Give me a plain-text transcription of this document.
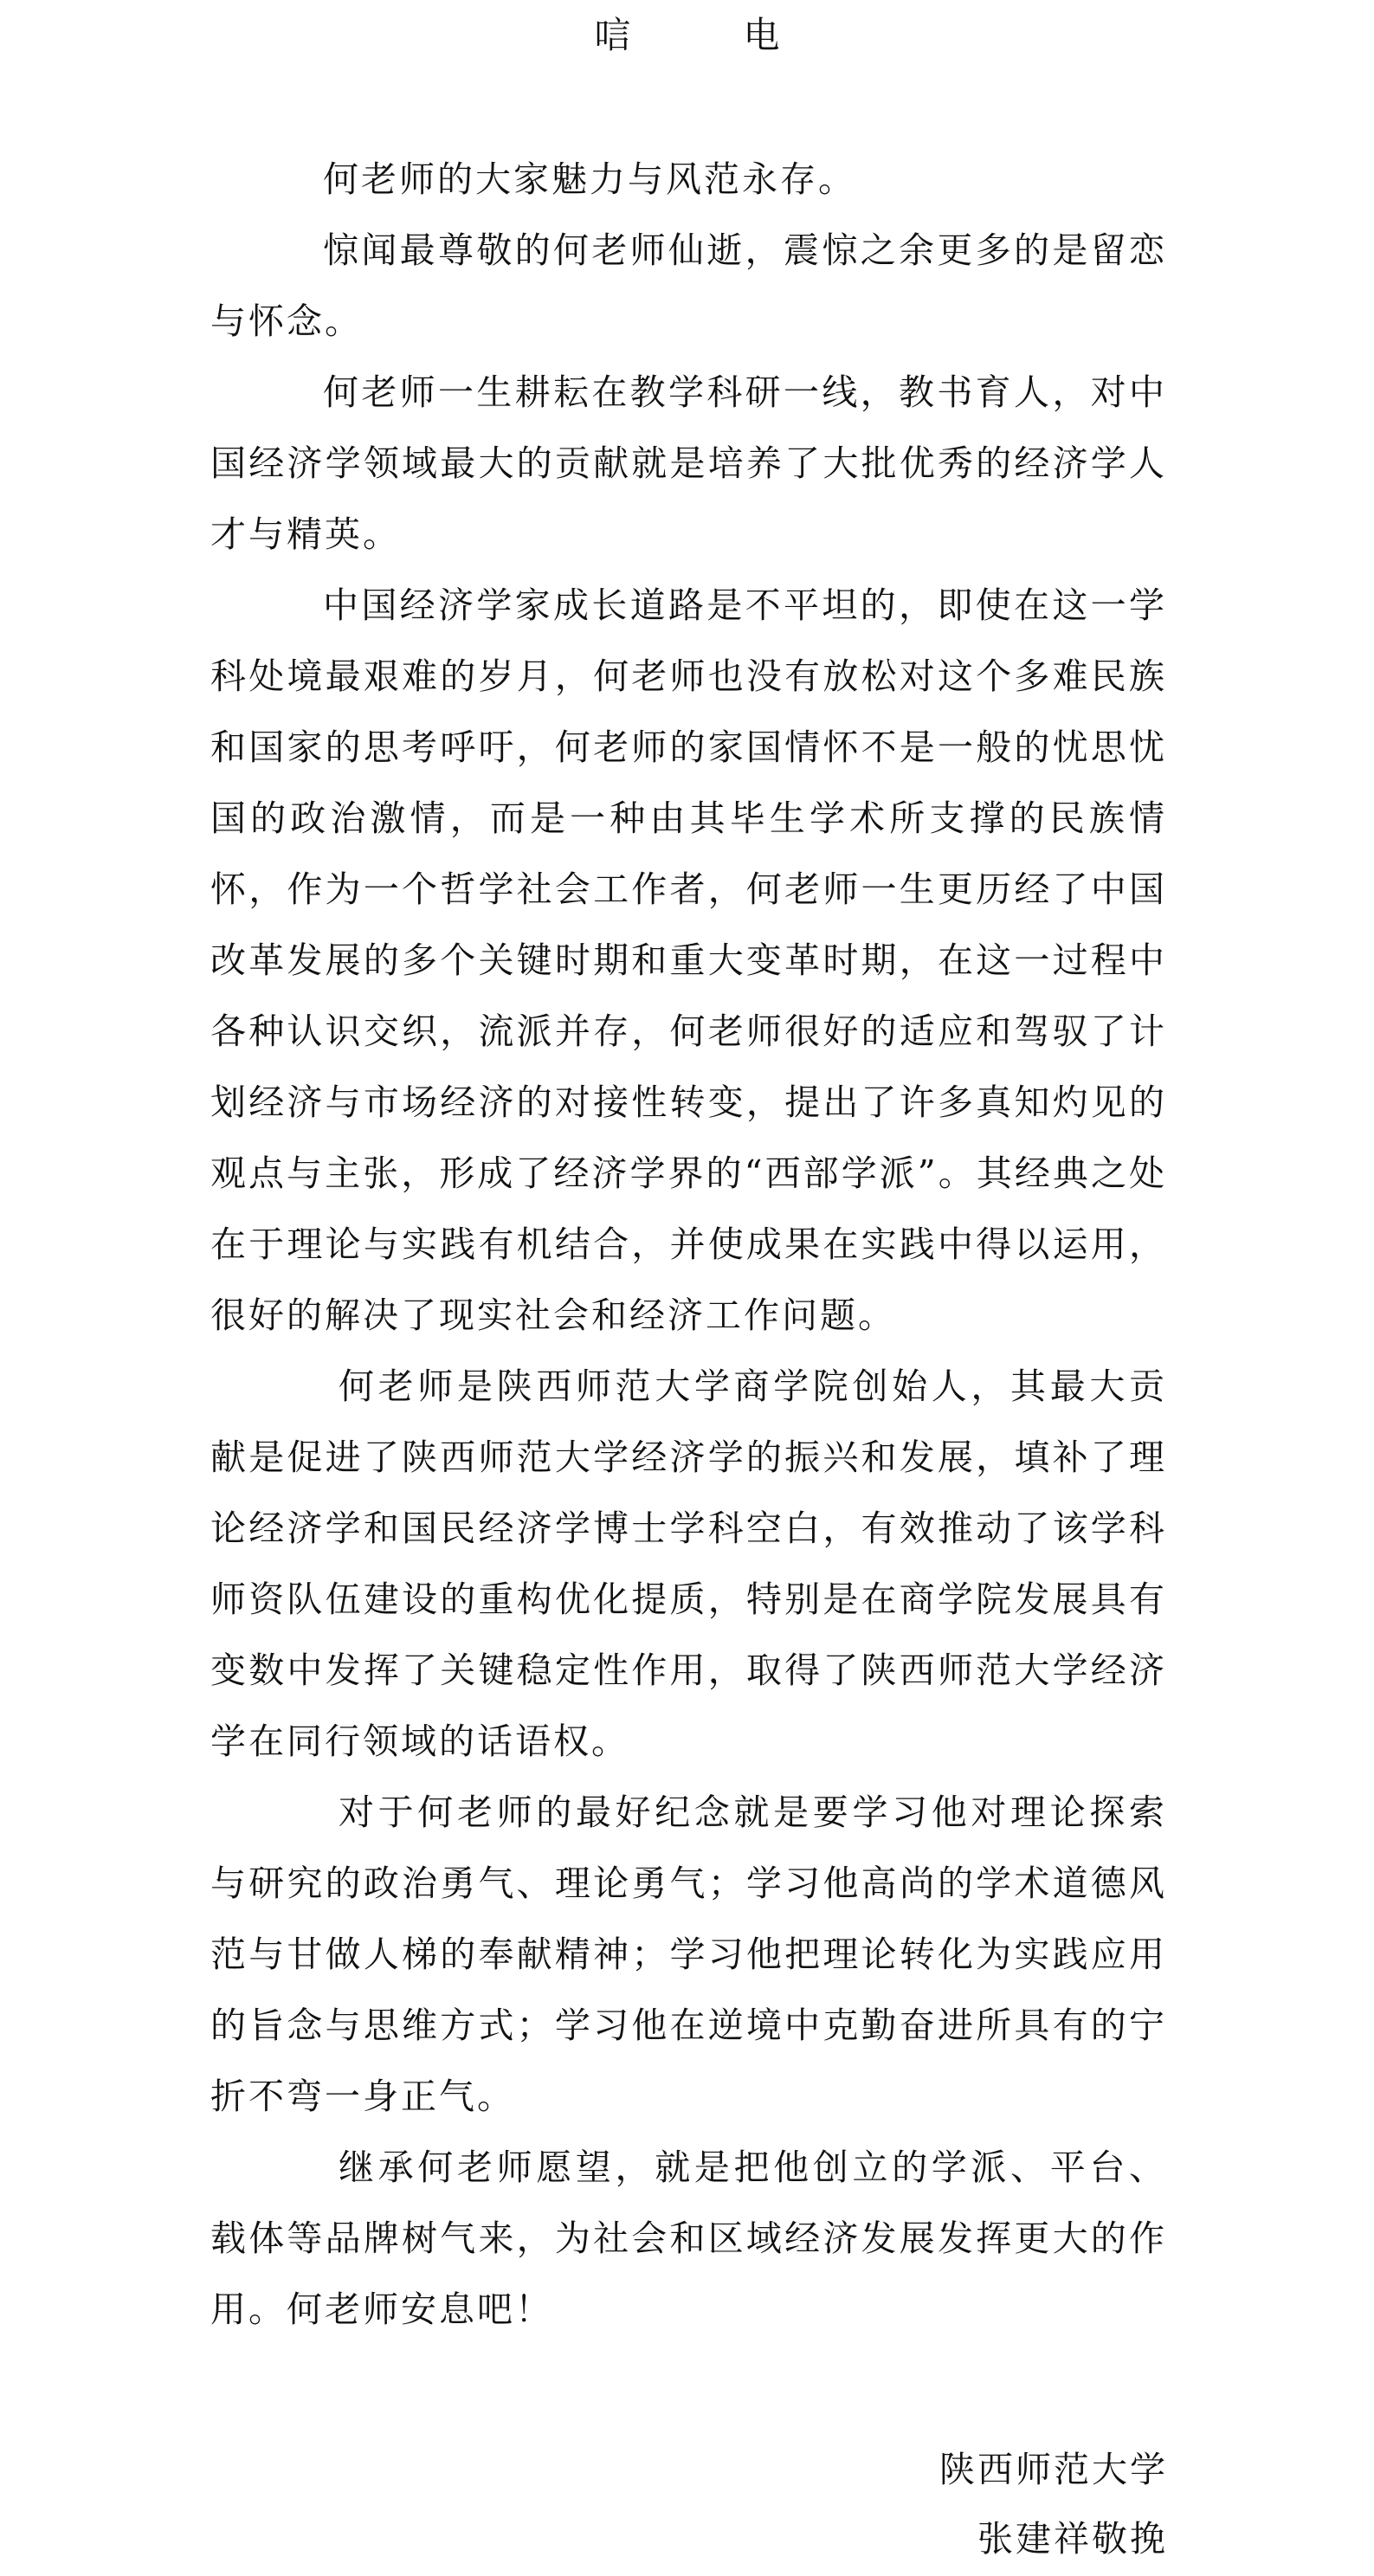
唁　电

何老师的大家魅力与风范永存。

惊闻最尊敬的何老师仙逝，震惊之余更多的是留恋与怀念。

何老师一生耕耘在教学科研一线，教书育人，对中国经济学领域最大的贡献就是培养了大批优秀的经济学人才与精英。

中国经济学家成长道路是不平坦的，即使在这一学科处境最艰难的岁月，何老师也没有放松对这个多难民族和国家的思考呼吁，何老师的家国情怀不是一般的忧思忧国的政治激情，而是一种由其毕生学术所支撑的民族情怀，作为一个哲学社会工作者，何老师一生更历经了中国改革发展的多个关键时期和重大变革时期，在这一过程中各种认识交织，流派并存，何老师很好的适应和驾驭了计划经济与市场经济的对接性转变，提出了许多真知灼见的观点与主张，形成了经济学界的“西部学派”。其经典之处在于理论与实践有机结合，并使成果在实践中得以运用，很好的解决了现实社会和经济工作问题。

何老师是陕西师范大学商学院创始人，其最大贡献是促进了陕西师范大学经济学的振兴和发展，填补了理论经济学和国民经济学博士学科空白，有效推动了该学科师资队伍建设的重构优化提质，特别是在商学院发展具有变数中发挥了关键稳定性作用，取得了陕西师范大学经济学在同行领域的话语权。

对于何老师的最好纪念就是要学习他对理论探索与研究的政治勇气、理论勇气；学习他高尚的学术道德风范与甘做人梯的奉献精神；学习他把理论转化为实践应用的旨念与思维方式；学习他在逆境中克勤奋进所具有的宁折不弯一身正气。

继承何老师愿望，就是把他创立的学派、平台、载体等品牌树气来，为社会和区域经济发展发挥更大的作用。何老师安息吧！

陕西师范大学
张建祥敬挽
